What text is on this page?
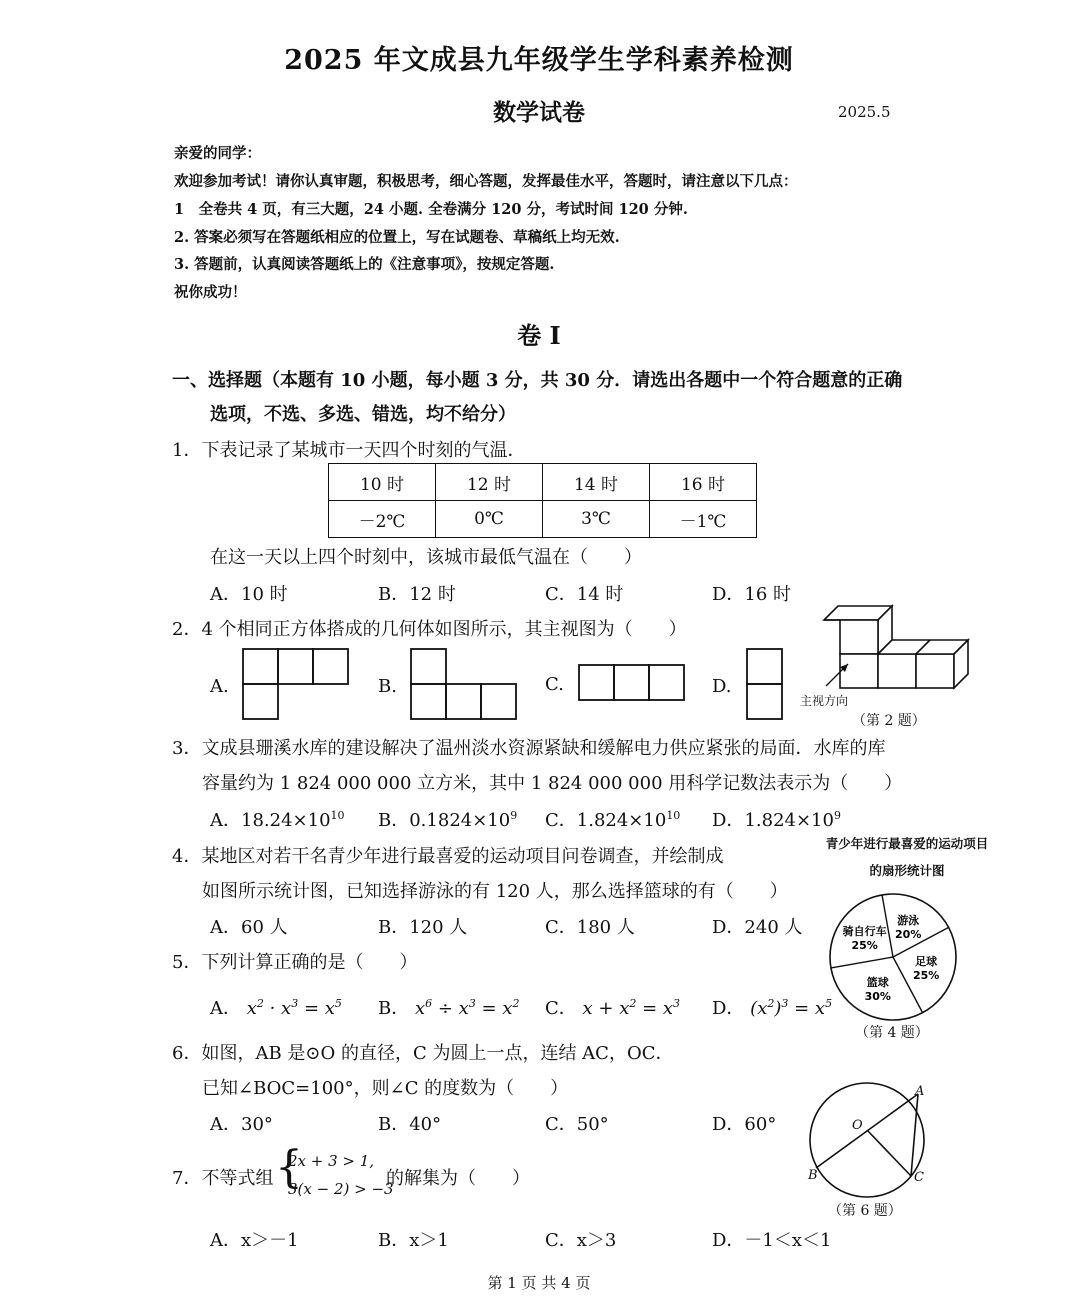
2025 年文成县九年级学生学科素养检测
数学试卷	2025.5
亲爱的同学：
欢迎参加考试！请你认真审题，积极思考，细心答题，发挥最佳水平，答题时，请注意以下几点：
1　全卷共 4 页，有三大题，24 小题. 全卷满分 120 分，考试时间 120 分钟.
2. 答案必须写在答题纸相应的位置上，写在试题卷、草稿纸上均无效.
3. 答题前，认真阅读答题纸上的《注意事项》，按规定答题.
祝你成功！
卷 I
一、选择题（本题有 10 小题，每小题 3 分，共 30 分．请选出各题中一个符合题意的正确
选项，不选、多选、错选，均不给分）
1．下表记录了某城市一天四个时刻的气温．
10 时	12 时	14 时	16 时
－2℃	0℃	3℃	－1℃
在这一天以上四个时刻中，该城市最低气温在（　　）
A．10 时	B．12 时	C．14 时	D．16 时
2．4 个相同正方体搭成的几何体如图所示，其主视图为（　　）
A.	B.	C.	D.
主视方向
（第 2 题）
3．文成县珊溪水库的建设解决了温州淡水资源紧缺和缓解电力供应紧张的局面．水库的库
容量约为 1 824 000 000 立方米，其中 1 824 000 000 用科学记数法表示为（　　）
A．$18.24\times 10^{10}$ B．$0.1824\times 10^9$ C．$1.824\times 10^{10}$ D．$1.824\times 10^9$
4．某地区对若干名青少年进行最喜爱的运动项目问卷调查，并绘制成
如图所示统计图，已知选择游泳的有 120 人，那么选择篮球的有（　　）
A．60 人	B．120 人	C．180 人	D．240 人
青少年进行最喜爱的运动项目
的扇形统计图
骑自行车
25%
游泳
20%
足球
25%
篮球
30%
（第 4 题）
5．下列计算正确的是（　　）
A． $x^2 \cdot x^3 = x^5$ B． $x^6 \div x^3 = x^2$ C． $x + x^2 = x^3$ D． $(x^2)^3 = x^5$
6．如图，AB 是⊙O 的直径，C 为圆上一点，连结 AC，OC．
已知∠BOC=100°，则∠C 的度数为（　　）
A．30°	B．40°	C．50°	D．60°
A
B	C
O
（第 6 题）
7．不等式组 {
2x + 3 > 1,
3(x − 2) > −3
的解集为（　　）
A．x＞－1	B．x＞1	C．x＞3	D．－1＜x＜1
第 1 页 共 4 页
